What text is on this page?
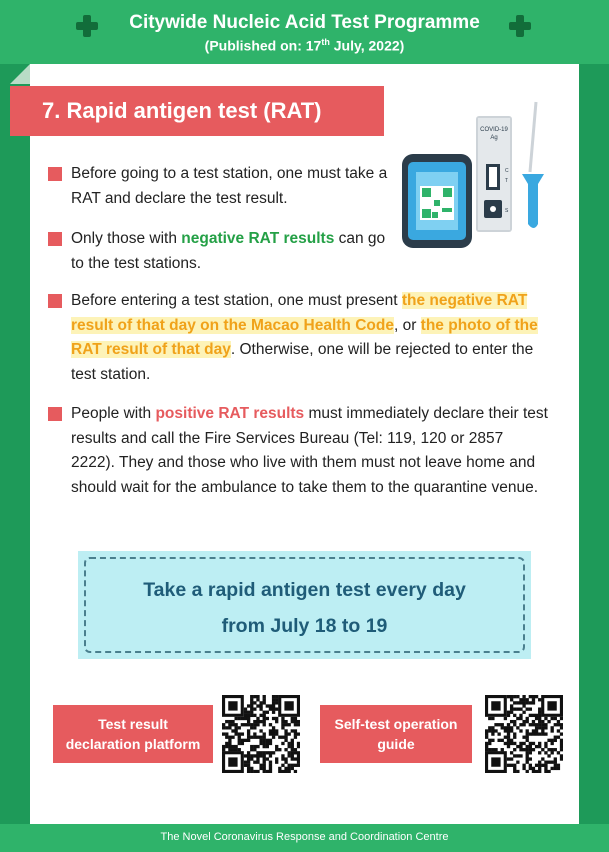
Citywide Nucleic Acid Test Programme
(Published on: 17th July, 2022)
7. Rapid antigen test (RAT)
COVID-19
Ag
C
T
S
Before going to a test station, one must take a RAT and declare the test result.
Only those with negative RAT results can go to the test stations.
Before entering a test station, one must present the negative RAT result of that day on the Macao Health Code, or the photo of the RAT result of that day. Otherwise, one will be rejected to enter the test station.
People with positive RAT results must immediately declare their test results and call the Fire Services Bureau (Tel: 119, 120 or 2857 2222). They and those who live with them must not leave home and should wait for the ambulance to take them to the quarantine venue.
Take a rapid antigen test every day
from July 18 to 19
Test result
declaration platform
Self-test operation
guide
The Novel Coronavirus Response and Coordination Centre
